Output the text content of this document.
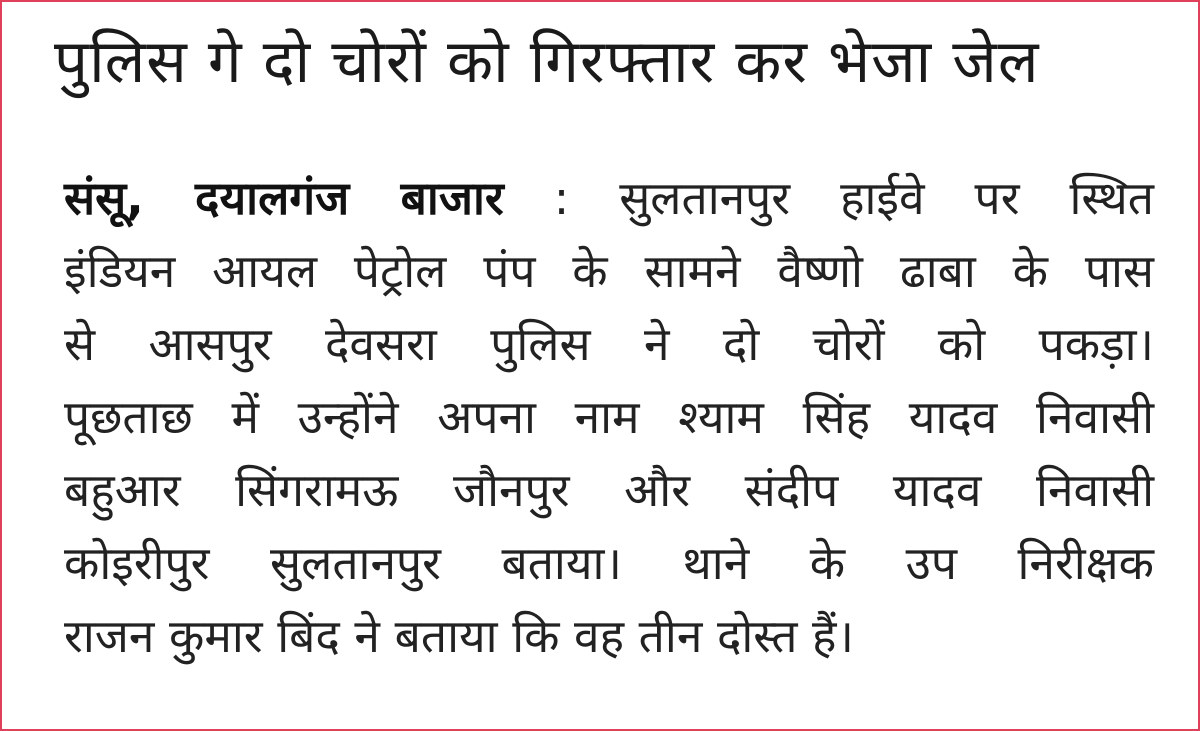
पुलिस गे दो चोरों को गिरफ्तार कर भेजा जेल
संसू, दयालगंज बाजार : सुलतानपुर हाईवे पर स्थित
इंडियन आयल पेट्रोल पंप के सामने वैष्णो ढाबा के पास
से आसपुर देवसरा पुलिस ने दो चोरों को पकड़ा।
पूछताछ में उन्होंने अपना नाम श्याम सिंह यादव निवासी
बहुआर सिंगरामऊ जौनपुर और संदीप यादव निवासी
कोइरीपुर सुलतानपुर बताया। थाने के उप निरीक्षक
राजन कुमार बिंद ने बताया कि वह तीन दोस्त हैं।
